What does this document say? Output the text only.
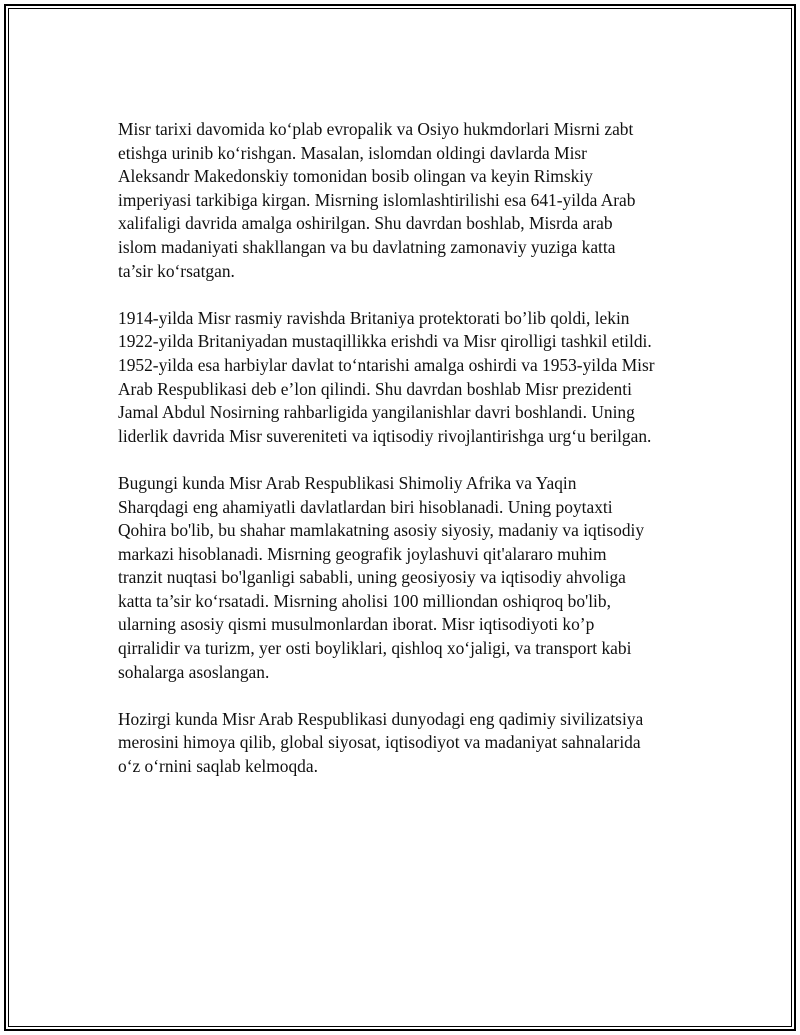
Misr tarixi davomida ko‘plab evropalik va Osiyo hukmdorlari Misrni zabt
etishga urinib ko‘rishgan. Masalan, islomdan oldingi davlarda Misr
Aleksandr Makedonskiy tomonidan bosib olingan va keyin Rimskiy
imperiyasi tarkibiga kirgan. Misrning islomlashtirilishi esa 641-yilda Arab
xalifaligi davrida amalga oshirilgan. Shu davrdan boshlab, Misrda arab
islom madaniyati shakllangan va bu davlatning zamonaviy yuziga katta
ta’sir ko‘rsatgan.

1914-yilda Misr rasmiy ravishda Britaniya protektorati bo’lib qoldi, lekin
1922-yilda Britaniyadan mustaqillikka erishdi va Misr qirolligi tashkil etildi.
1952-yilda esa harbiylar davlat to‘ntarishi amalga oshirdi va 1953-yilda Misr
Arab Respublikasi deb e’lon qilindi. Shu davrdan boshlab Misr prezidenti
Jamal Abdul Nosirning rahbarligida yangilanishlar davri boshlandi. Uning
liderlik davrida Misr suvereniteti va iqtisodiy rivojlantirishga urg‘u berilgan.

Bugungi kunda Misr Arab Respublikasi Shimoliy Afrika va Yaqin
Sharqdagi eng ahamiyatli davlatlardan biri hisoblanadi. Uning poytaxti
Qohira bo'lib, bu shahar mamlakatning asosiy siyosiy, madaniy va iqtisodiy
markazi hisoblanadi. Misrning geografik joylashuvi qit'alararo muhim
tranzit nuqtasi bo'lganligi sababli, uning geosiyosiy va iqtisodiy ahvoliga
katta ta’sir ko‘rsatadi. Misrning aholisi 100 milliondan oshiqroq bo'lib,
ularning asosiy qismi musulmonlardan iborat. Misr iqtisodiyoti ko’p
qirralidir va turizm, yer osti boyliklari, qishloq xo‘jaligi, va transport kabi
sohalarga asoslangan.

Hozirgi kunda Misr Arab Respublikasi dunyodagi eng qadimiy sivilizatsiya
merosini himoya qilib, global siyosat, iqtisodiyot va madaniyat sahnalarida
o‘z o‘rnini saqlab kelmoqda.
